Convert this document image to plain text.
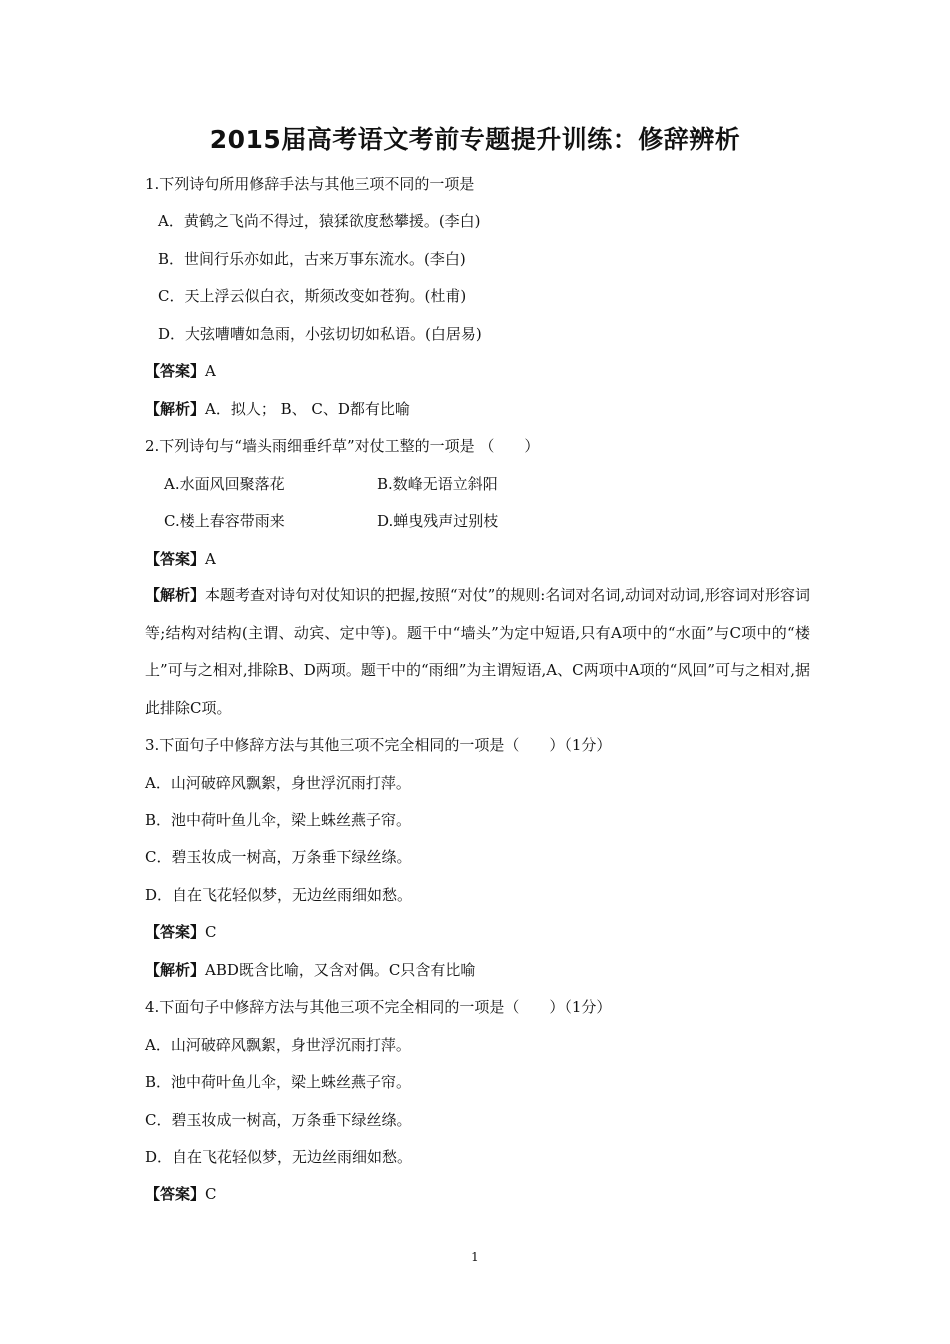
2015届高考语文考前专题提升训练：修辞辨析
1.下列诗句所用修辞手法与其他三项不同的一项是
A．黄鹤之飞尚不得过，猿猱欲度愁攀援。(李白)
B．世间行乐亦如此，古来万事东流水。(李白)
C．天上浮云似白衣，斯须改变如苍狗。(杜甫)
D．大弦嘈嘈如急雨，小弦切切如私语。(白居易)
【答案】A
【解析】A．拟人； B、 C、D都有比喻
2.下列诗句与“墙头雨细垂纤草”对仗工整的一项是 （　　）
A.水面风回聚落花	B.数峰无语立斜阳
C.楼上春容带雨来	D.蝉曳残声过别枝
【答案】A
【解析】本题考查对诗句对仗知识的把握,按照“对仗”的规则:名词对名词,动词对动词,形容词对形容词等;结构对结构(主谓、动宾、定中等)。题干中“墙头”为定中短语,只有A项中的“水面”与C项中的“楼上”可与之相对,排除B、D两项。题干中的“雨细”为主谓短语,A、C两项中A项的“风回”可与之相对,据此排除C项。
3.下面句子中修辞方法与其他三项不完全相同的一项是（　　）（1分）
A．山河破碎风飘絮，身世浮沉雨打萍。
B．池中荷叶鱼儿伞，梁上蛛丝燕子帘。
C．碧玉妆成一树高，万条垂下绿丝绦。
D．自在飞花轻似梦，无边丝雨细如愁。
【答案】C
【解析】ABD既含比喻，又含对偶。C只含有比喻
4.下面句子中修辞方法与其他三项不完全相同的一项是（　　）（1分）
A．山河破碎风飘絮，身世浮沉雨打萍。
B．池中荷叶鱼儿伞，梁上蛛丝燕子帘。
C．碧玉妆成一树高，万条垂下绿丝绦。
D．自在飞花轻似梦，无边丝雨细如愁。
【答案】C
1
